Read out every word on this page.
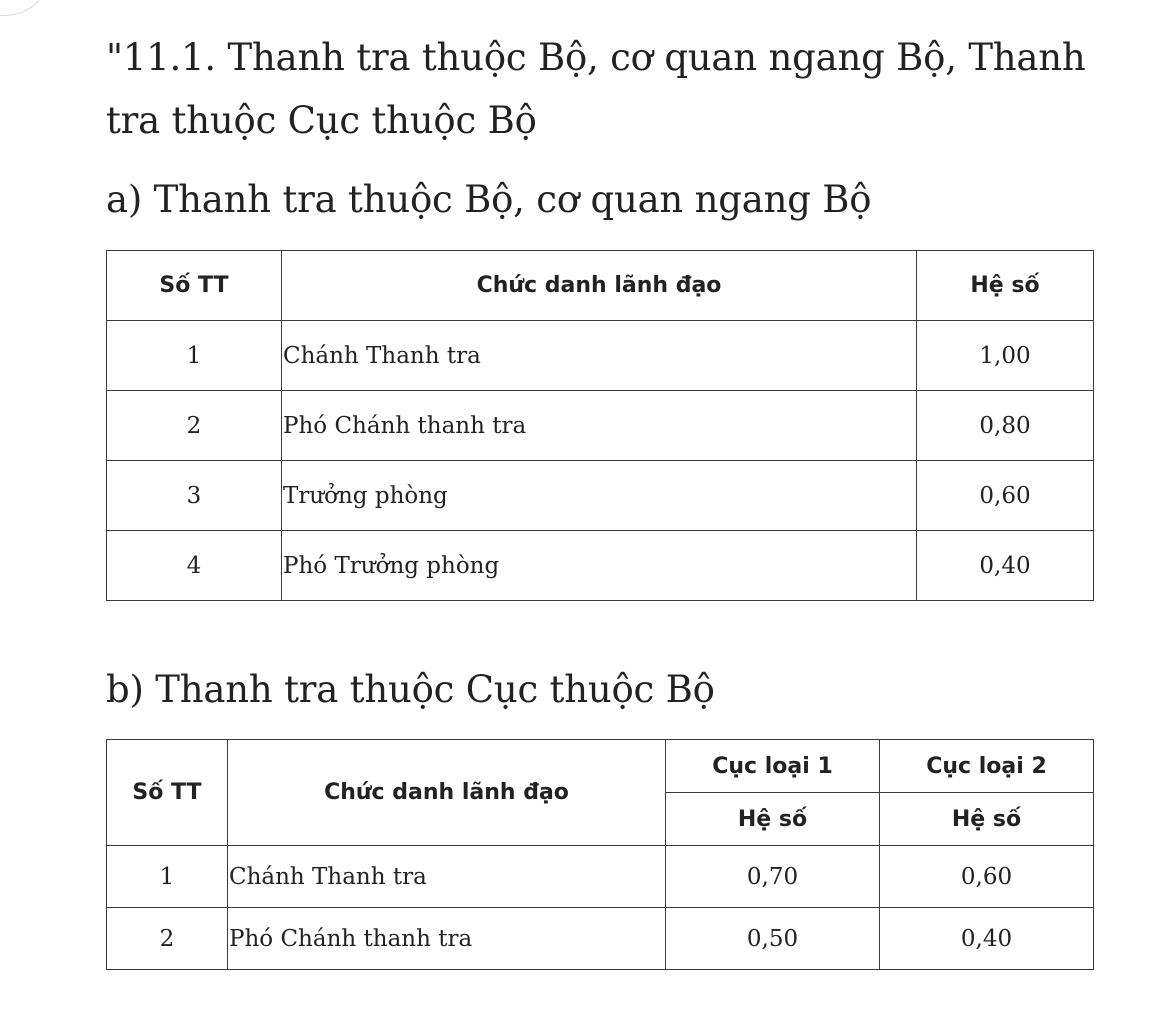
"11.1. Thanh tra thuộc Bộ, cơ quan ngang Bộ, Thanh tra thuộc Cục thuộc Bộ
a) Thanh tra thuộc Bộ, cơ quan ngang Bộ
Số TT	Chức danh lãnh đạo	Hệ số
1	Chánh Thanh tra	1,00
2	Phó Chánh thanh tra	0,80
3	Trưởng phòng	0,60
4	Phó Trưởng phòng	0,40
b) Thanh tra thuộc Cục thuộc Bộ
Số TT	Chức danh lãnh đạo	Cục loại 1	Cục loại 2
		Hệ số	Hệ số
1	Chánh Thanh tra	0,70	0,60
2	Phó Chánh thanh tra	0,50	0,40
